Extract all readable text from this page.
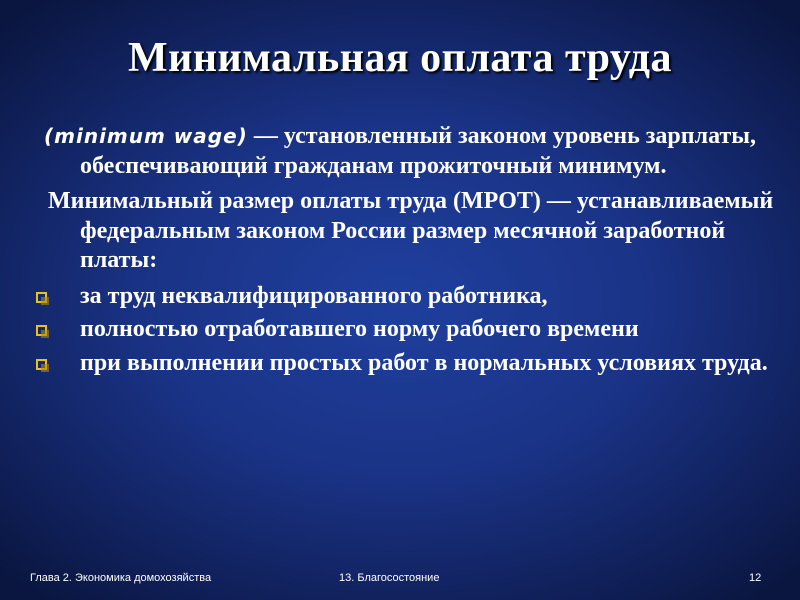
Минимальная оплата труда

(minimum wage) — установленный законом уровень зарплаты, обеспечивающий гражданам прожиточный минимум.

Минимальный размер оплаты труда (МРОТ) — устанавливаемый федеральным законом России размер месячной заработной платы:

за труд неквалифицированного работника,
полностью отработавшего норму рабочего времени
при выполнении простых работ в нормальных условиях труда.
Глава 2. Экономика домохозяйства	13. Благосостояние	12
